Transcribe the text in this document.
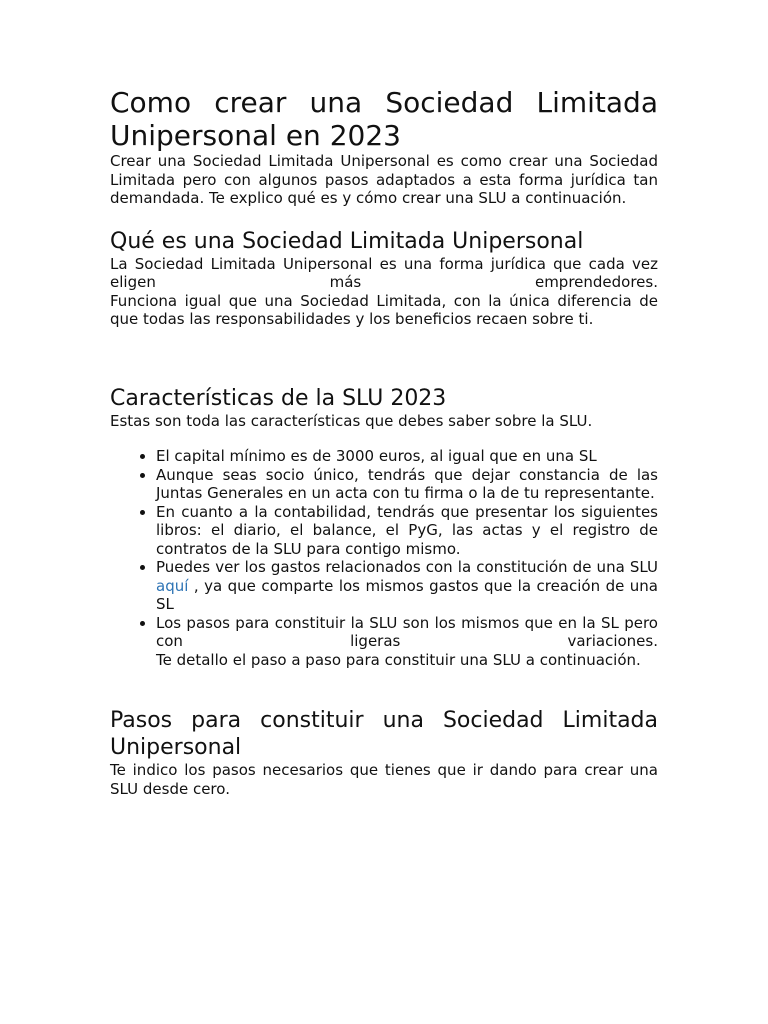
Como crear una Sociedad Limitada Unipersonal en 2023

Crear una Sociedad Limitada Unipersonal es como crear una Sociedad Limitada pero con algunos pasos adaptados a esta forma jurídica tan demandada. Te explico qué es y cómo crear una SLU a continuación.

Qué es una Sociedad Limitada Unipersonal

La Sociedad Limitada Unipersonal es una forma jurídica que cada vez eligen más emprendedores.
Funciona igual que una Sociedad Limitada, con la única diferencia de que todas las responsabilidades y los beneficios recaen sobre ti.

Características de la SLU 2023

Estas son toda las características que debes saber sobre la SLU.

• El capital mínimo es de 3000 euros, al igual que en una SL
• Aunque seas socio único, tendrás que dejar constancia de las Juntas Generales en un acta con tu firma o la de tu representante.
• En cuanto a la contabilidad, tendrás que presentar los siguientes libros: el diario, el balance, el PyG, las actas y el registro de contratos de la SLU para contigo mismo.
• Puedes ver los gastos relacionados con la constitución de una SLU aquí , ya que comparte los mismos gastos que la creación de una SL
• Los pasos para constituir la SLU son los mismos que en la SL pero con ligeras variaciones.
Te detallo el paso a paso para constituir una SLU a continuación.
Pasos para constituir una Sociedad Limitada Unipersonal

Te indico los pasos necesarios que tienes que ir dando para crear una SLU desde cero.
